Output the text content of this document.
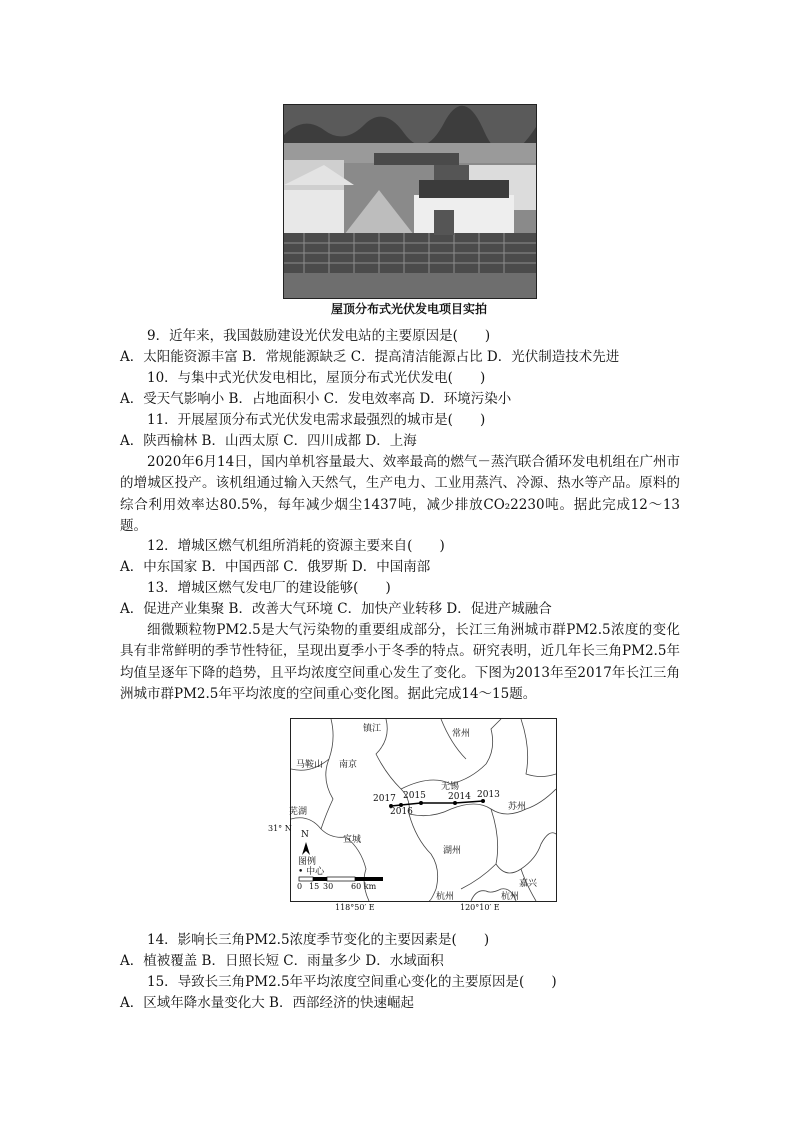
屋顶分布式光伏发电项目实拍
9．近年来，我国鼓励建设光伏发电站的主要原因是(　　)
A．太阳能资源丰富 B．常规能源缺乏 C．提高清洁能源占比 D．光伏制造技术先进
10．与集中式光伏发电相比，屋顶分布式光伏发电(　　)
A．受天气影响小 B．占地面积小 C．发电效率高 D．环境污染小
11．开展屋顶分布式光伏发电需求最强烈的城市是(　　)
A．陕西榆林 B．山西太原 C．四川成都 D．上海
2020年6月14日，国内单机容量最大、效率最高的燃气－蒸汽联合循环发电机组在广州市的增城区投产。该机组通过输入天然气，生产电力、工业用蒸汽、冷源、热水等产品。原料的综合利用效率达80.5%，每年减少烟尘1437吨，减少排放CO₂2230吨。据此完成12～13题。
12．增城区燃气机组所消耗的资源主要来自(　　)
A．中东国家 B．中国西部 C．俄罗斯 D．中国南部
13．增城区燃气发电厂的建设能够(　　)
A．促进产业集聚 B．改善大气环境 C．加快产业转移 D．促进产城融合
细微颗粒物PM2.5是大气污染物的重要组成部分，长江三角洲城市群PM2.5浓度的变化具有非常鲜明的季节性特征，呈现出夏季小于冬季的特点。研究表明，近几年长三角PM2.5年均值呈逐年下降的趋势，且平均浓度空间重心发生了变化。下图为2013年至2017年长江三角洲城市群PM2.5年平均浓度的空间重心变化图。据此完成14～15题。
镇江	常州
马鞍山 南京
无锡
苏州
芜湖
宣城
湖州
杭州	杭州
嘉兴
2017 2015 2014 2013
2016
N
图例
• 中心
0 15 30 60 km
31° N
118°50′ E	120°10′ E
14．影响长三角PM2.5浓度季节变化的主要因素是(　　)
A．植被覆盖 B．日照长短 C．雨量多少 D．水域面积
15．导致长三角PM2.5年平均浓度空间重心变化的主要原因是(　　)
A．区域年降水量变化大 B．西部经济的快速崛起
